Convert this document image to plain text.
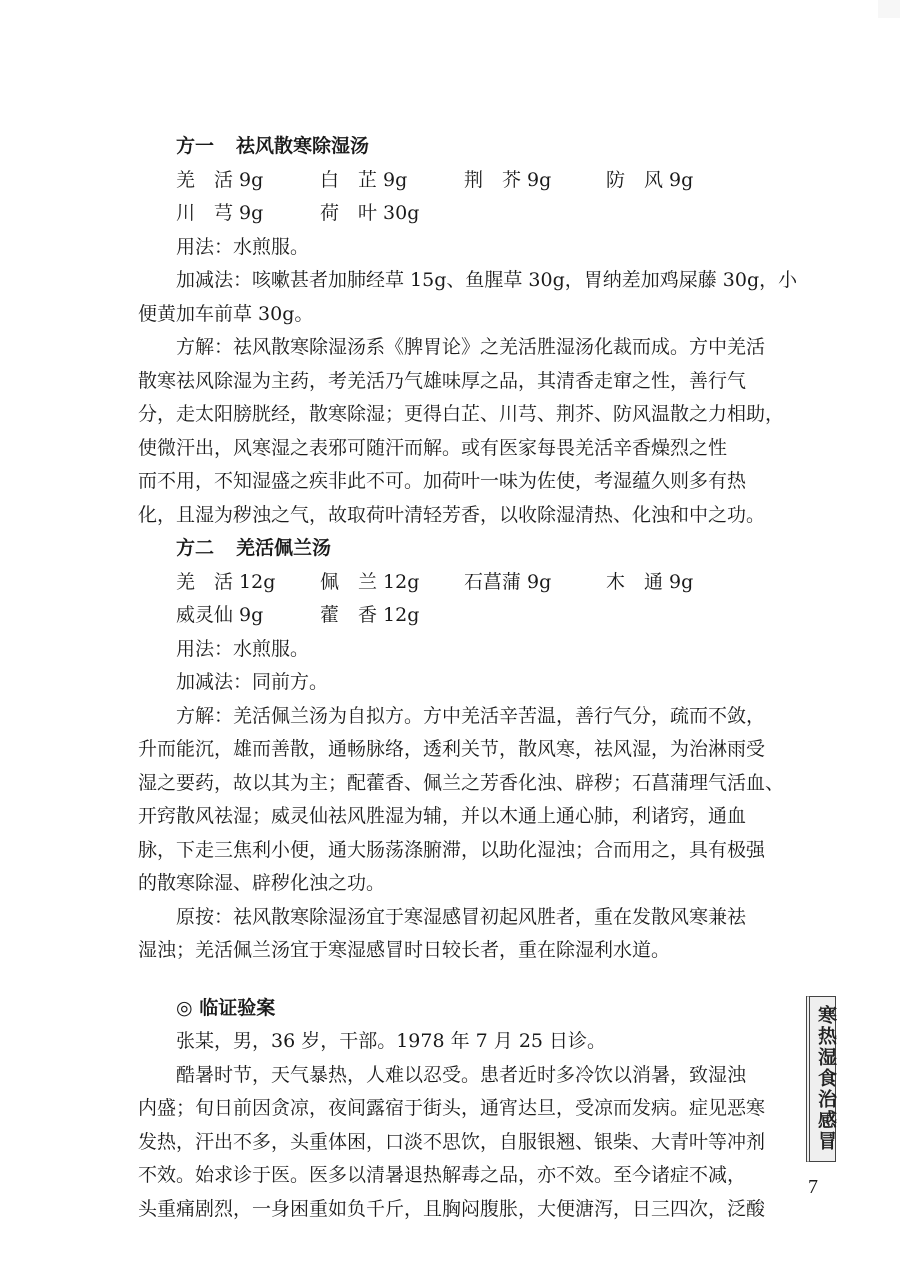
方一 祛风散寒除湿汤
羌　活 9g	白　芷 9g	荆　芥 9g	防　风 9g
川　芎 9g	荷　叶 30g
用法：水煎服。
加减法：咳嗽甚者加肺经草 15g、鱼腥草 30g，胃纳差加鸡屎藤 30g，小
便黄加车前草 30g。
方解：祛风散寒除湿汤系《脾胃论》之羌活胜湿汤化裁而成。方中羌活
散寒祛风除湿为主药，考羌活乃气雄味厚之品，其清香走窜之性，善行气
分，走太阳膀胱经，散寒除湿；更得白芷、川芎、荆芥、防风温散之力相助，
使微汗出，风寒湿之表邪可随汗而解。或有医家每畏羌活辛香燥烈之性
而不用，不知湿盛之疾非此不可。加荷叶一味为佐使，考湿蕴久则多有热
化，且湿为秽浊之气，故取荷叶清轻芳香，以收除湿清热、化浊和中之功。
方二 羌活佩兰汤
羌　活 12g 佩　兰 12g 石菖蒲 9g	木　通 9g
威灵仙 9g	藿　香 12g
用法：水煎服。
加减法：同前方。
方解：羌活佩兰汤为自拟方。方中羌活辛苦温，善行气分，疏而不敛，
升而能沉，雄而善散，通畅脉络，透利关节，散风寒，祛风湿，为治淋雨受
湿之要药，故以其为主；配藿香、佩兰之芳香化浊、辟秽；石菖蒲理气活血、
开窍散风祛湿；威灵仙祛风胜湿为辅，并以木通上通心肺，利诸窍，通血
脉，下走三焦利小便，通大肠荡涤腑滞，以助化湿浊；合而用之，具有极强
的散寒除湿、辟秽化浊之功。
原按：祛风散寒除湿汤宜于寒湿感冒初起风胜者，重在发散风寒兼祛
湿浊；羌活佩兰汤宜于寒湿感冒时日较长者，重在除湿利水道。
◎ 临证验案
张某，男，36 岁，干部。1978 年 7 月 25 日诊。
酷暑时节，天气暴热，人难以忍受。患者近时多冷饮以消暑，致湿浊
内盛；旬日前因贪凉，夜间露宿于街头，通宵达旦，受凉而发病。症见恶寒
发热，汗出不多，头重体困，口淡不思饮，自服银翘、银柴、大青叶等冲剂
不效。始求诊于医。医多以清暑退热解毒之品，亦不效。至今诸症不减，
头重痛剧烈，一身困重如负千斤，且胸闷腹胀，大便溏泻，日三四次，泛酸
寒热湿食治感冒
7
